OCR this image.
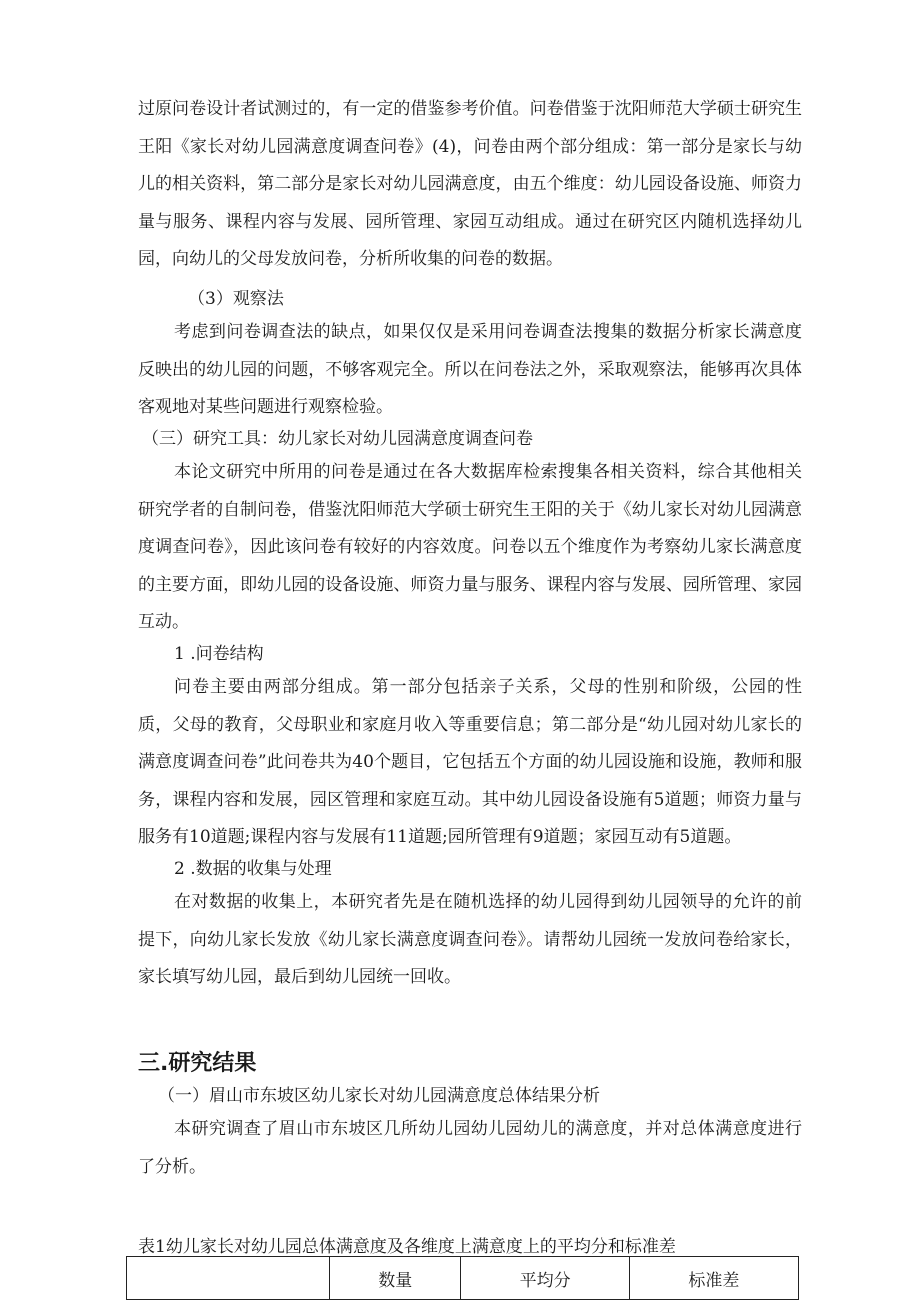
过原问卷设计者试测过的，有一定的借鉴参考价值。问卷借鉴于沈阳师范大学硕士研究生王阳《家长对幼儿园满意度调查问卷》(4)，问卷由两个部分组成：第一部分是家长与幼儿的相关资料，第二部分是家长对幼儿园满意度，由五个维度：幼儿园设备设施、师资力量与服务、课程内容与发展、园所管理、家园互动组成。通过在研究区内随机选择幼儿园，向幼儿的父母发放问卷，分析所收集的问卷的数据。

（3）观察法

考虑到问卷调查法的缺点，如果仅仅是采用问卷调查法搜集的数据分析家长满意度反映出的幼儿园的问题，不够客观完全。所以在问卷法之外，采取观察法，能够再次具体客观地对某些问题进行观察检验。

（三）研究工具：幼儿家长对幼儿园满意度调查问卷

本论文研究中所用的问卷是通过在各大数据库检索搜集各相关资料，综合其他相关研究学者的自制问卷，借鉴沈阳师范大学硕士研究生王阳的关于《幼儿家长对幼儿园满意度调查问卷》，因此该问卷有较好的内容效度。问卷以五个维度作为考察幼儿家长满意度的主要方面，即幼儿园的设备设施、师资力量与服务、课程内容与发展、园所管理、家园互动。

1 .问卷结构

问卷主要由两部分组成。第一部分包括亲子关系，父母的性别和阶级，公园的性质，父母的教育，父母职业和家庭月收入等重要信息；第二部分是“幼儿园对幼儿家长的满意度调查问卷”此问卷共为40个题目，它包括五个方面的幼儿园设施和设施，教师和服务，课程内容和发展，园区管理和家庭互动。其中幼儿园设备设施有5道题；师资力量与服务有10道题;课程内容与发展有11道题;园所管理有9道题；家园互动有5道题。

2 .数据的收集与处理

在对数据的收集上，本研究者先是在随机选择的幼儿园得到幼儿园领导的允许的前提下，向幼儿家长发放《幼儿家长满意度调查问卷》。请帮幼儿园统一发放问卷给家长，家长填写幼儿园，最后到幼儿园统一回收。

三.研究结果

（一）眉山市东坡区幼儿家长对幼儿园满意度总体结果分析

本研究调查了眉山市东坡区几所幼儿园幼儿园幼儿的满意度，并对总体满意度进行了分析。

表1幼儿家长对幼儿园总体满意度及各维度上满意度上的平均分和标准差

	数量	平均分	标准差
